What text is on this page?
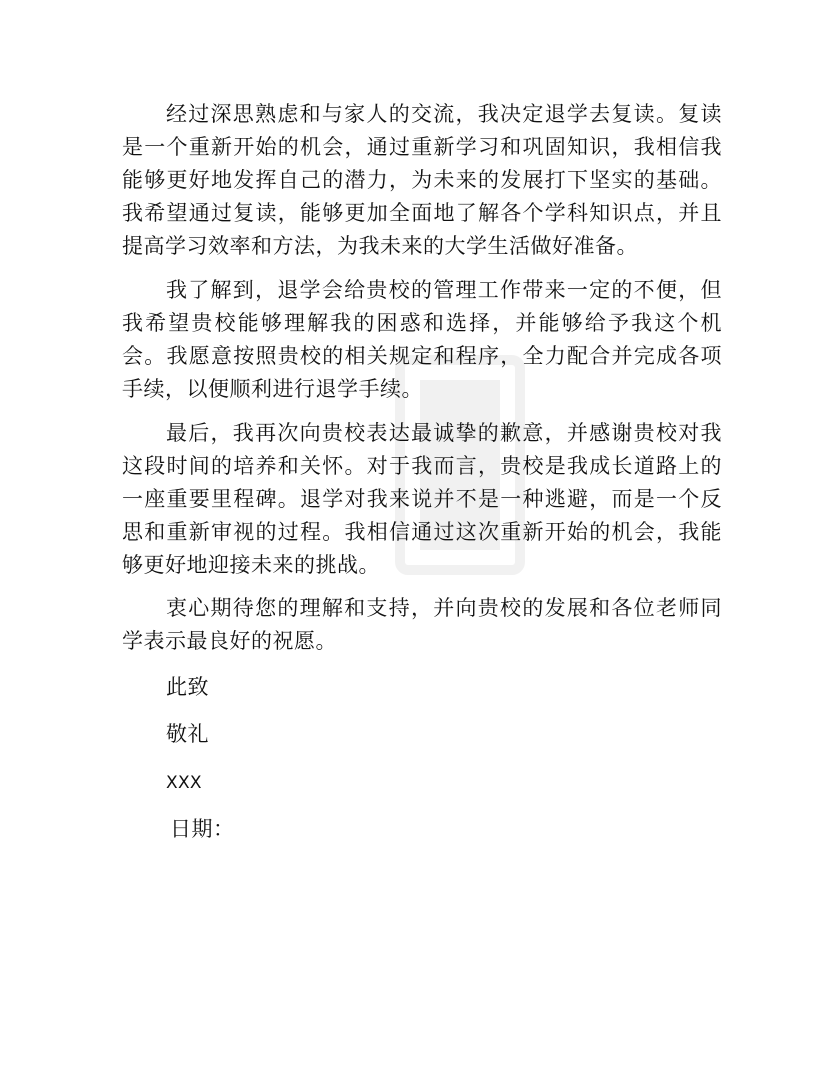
经过深思熟虑和与家人的交流，我决定退学去复读。复读是一个重新开始的机会，通过重新学习和巩固知识，我相信我能够更好地发挥自己的潜力，为未来的发展打下坚实的基础。我希望通过复读，能够更加全面地了解各个学科知识点，并且提高学习效率和方法，为我未来的大学生活做好准备。

我了解到，退学会给贵校的管理工作带来一定的不便，但我希望贵校能够理解我的困惑和选择，并能够给予我这个机会。我愿意按照贵校的相关规定和程序，全力配合并完成各项手续，以便顺利进行退学手续。

最后，我再次向贵校表达最诚挚的歉意，并感谢贵校对我这段时间的培养和关怀。对于我而言，贵校是我成长道路上的一座重要里程碑。退学对我来说并不是一种逃避，而是一个反思和重新审视的过程。我相信通过这次重新开始的机会，我能够更好地迎接未来的挑战。

衷心期待您的理解和支持，并向贵校的发展和各位老师同学表示最良好的祝愿。

此致
敬礼
XXX
日期：
